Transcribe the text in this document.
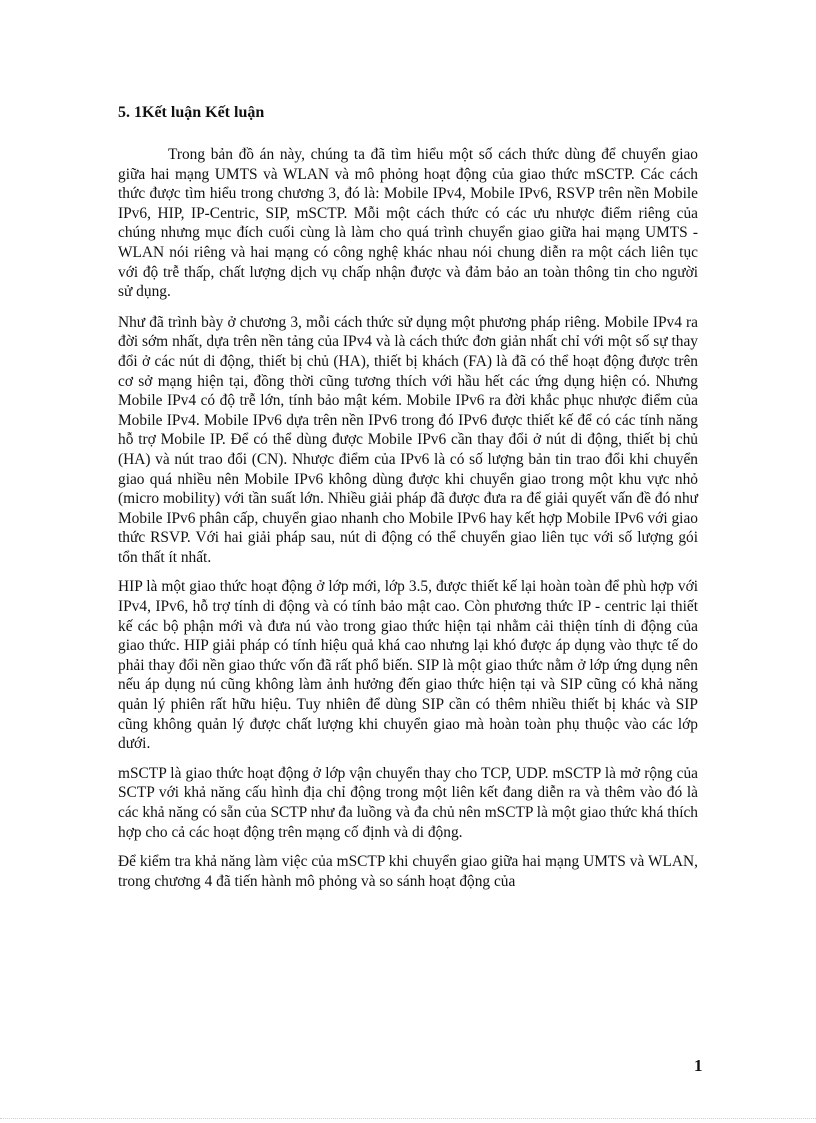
5. 1Kết luận Kết luận

Trong bản đồ án này, chúng ta đã tìm hiểu một số cách thức dùng để chuyển giao giữa hai mạng UMTS và WLAN và mô phỏng hoạt động của giao thức mSCTP. Các cách thức được tìm hiểu trong chương 3, đó là: Mobile IPv4, Mobile IPv6, RSVP trên nền Mobile IPv6, HIP, IP-Centric, SIP, mSCTP. Mỗi một cách thức có các ưu nhược điểm riêng của chúng nhưng mục đích cuối cùng là làm cho quá trình chuyển giao giữa hai mạng UMTS - WLAN nói riêng và hai mạng có công nghệ khác nhau nói chung diễn ra một cách liên tục với độ trễ thấp, chất lượng dịch vụ chấp nhận được và đảm bảo an toàn thông tin cho người sử dụng.

Như đã trình bày ở chương 3, mỗi cách thức sử dụng một phương pháp riêng. Mobile IPv4 ra đời sớm nhất, dựa trên nền tảng của IPv4 và là cách thức đơn giản nhất chỉ với một số sự thay đổi ở các nút di động, thiết bị chủ (HA), thiết bị khách (FA) là đã có thể hoạt động được trên cơ sở mạng hiện tại, đồng thời cũng tương thích với hầu hết các ứng dụng hiện có. Nhưng Mobile IPv4 có độ trễ lớn, tính bảo mật kém. Mobile IPv6 ra đời khắc phục nhược điểm của Mobile IPv4. Mobile IPv6 dựa trên nền IPv6 trong đó IPv6 được thiết kế để có các tính năng hỗ trợ Mobile IP. Để có thể dùng được Mobile IPv6 cần thay đổi ở nút di động, thiết bị chủ (HA) và nút trao đổi (CN). Nhược điểm của IPv6 là có số lượng bản tin trao đổi khi chuyển giao quá nhiều nên Mobile IPv6 không dùng được khi chuyển giao trong một khu vực nhỏ (micro mobility) với tần suất lớn. Nhiều giải pháp đã được đưa ra để giải quyết vấn đề đó như Mobile IPv6 phân cấp, chuyển giao nhanh cho Mobile IPv6 hay kết hợp Mobile IPv6 với giao thức RSVP. Với hai giải pháp sau, nút di động có thể chuyển giao liên tục với số lượng gói tổn thất ít nhất.

HIP là một giao thức hoạt động ở lớp mới, lớp 3.5, được thiết kế lại hoàn toàn để phù hợp với IPv4, IPv6, hỗ trợ tính di động và có tính bảo mật cao. Còn phương thức IP - centric lại thiết kế các bộ phận mới và đưa nú vào trong giao thức hiện tại nhằm cải thiện tính di động của giao thức. HIP giải pháp có tính hiệu quả khá cao nhưng lại khó được áp dụng vào thực tế do phải thay đổi nền giao thức vốn đã rất phổ biến. SIP là một giao thức nằm ở lớp ứng dụng nên nếu áp dụng nú cũng không làm ảnh hưởng đến giao thức hiện tại và SIP cũng có khả năng quản lý phiên rất hữu hiệu. Tuy nhiên để dùng SIP cần có thêm nhiều thiết bị khác và SIP cũng không quản lý được chất lượng khi chuyển giao mà hoàn toàn phụ thuộc vào các lớp dưới.

mSCTP là giao thức hoạt động ở lớp vận chuyển thay cho TCP, UDP. mSCTP là mở rộng của SCTP với khả năng cấu hình địa chỉ động trong một liên kết đang diễn ra và thêm vào đó là các khả năng có sẵn của SCTP như đa luồng và đa chủ nên mSCTP là một giao thức khá thích hợp cho cả các hoạt động trên mạng cố định và di động.

Để kiểm tra khả năng làm việc của mSCTP khi chuyển giao giữa hai mạng UMTS và WLAN, trong chương 4 đã tiến hành mô phỏng và so sánh hoạt động của

1
